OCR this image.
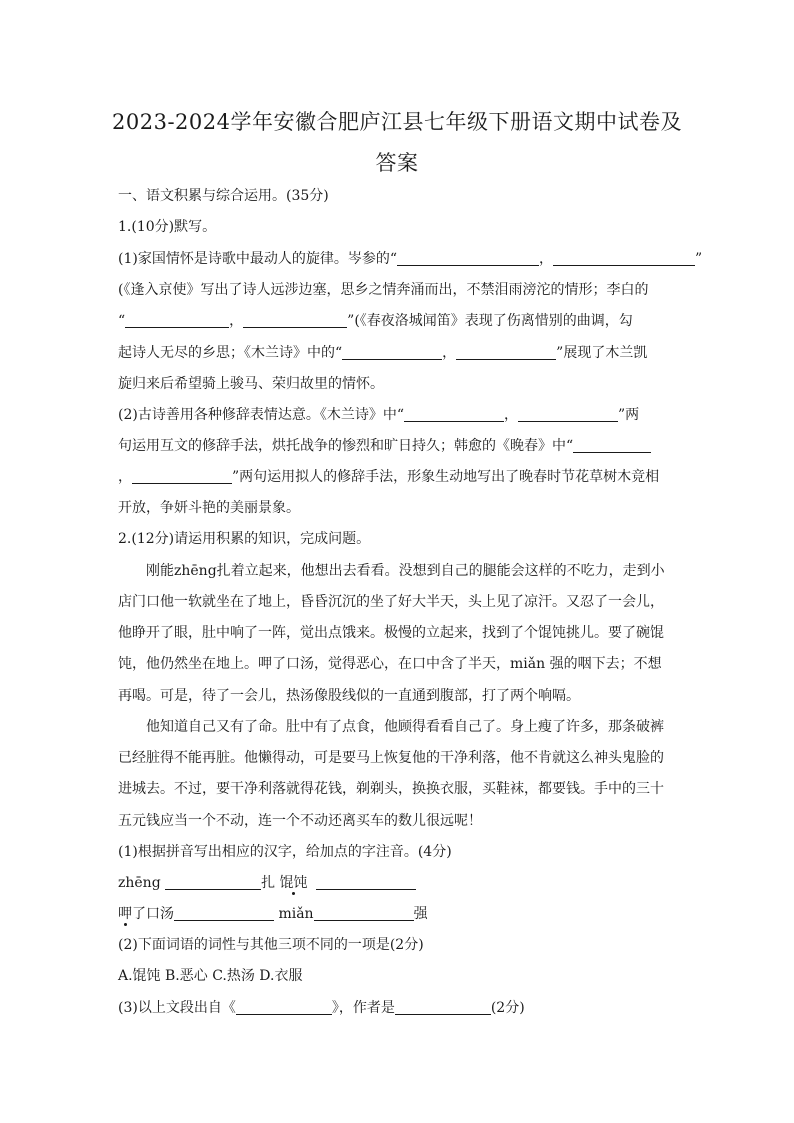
2023-2024学年安徽合肥庐江县七年级下册语文期中试卷及
答案
一、语文积累与综合运用。(35分)
1.(10分)默写。
(1)家国情怀是诗歌中最动人的旋律。岑参的“	，	”
(《逢入京使》写出了诗人远涉边塞，思乡之情奔涌而出，不禁泪雨滂沱的情形；李白的
“	，	”(《春夜洛城闻笛》表现了伤离惜别的曲调，勾
起诗人无尽的乡思；《木兰诗》中的“	，	”展现了木兰凯
旋归来后希望骑上骏马、荣归故里的情怀。
(2)古诗善用各种修辞表情达意。《木兰诗》中“	，	”两
句运用互文的修辞手法，烘托战争的惨烈和旷日持久；韩愈的《晚春》中“
，	”两句运用拟人的修辞手法，形象生动地写出了晚春时节花草树木竞相
开放，争妍斗艳的美丽景象。
2.(12分)请运用积累的知识，完成问题。
刚能zhēng扎着立起来，他想出去看看。没想到自己的腿能会这样的不吃力，走到小
店门口他一软就坐在了地上，昏昏沉沉的坐了好大半天，头上见了凉汗。又忍了一会儿，
他睁开了眼，肚中响了一阵，觉出点饿来。极慢的立起来，找到了个馄饨挑儿。要了碗馄
饨，他仍然坐在地上。呷了口汤，觉得恶心，在口中含了半天，miǎn 强的咽下去；不想
再喝。可是，待了一会儿，热汤像股线似的一直通到腹部，打了两个响嗝。
他知道自己又有了命。肚中有了点食，他顾得看看自己了。身上瘦了许多，那条破裤
已经脏得不能再脏。他懒得动，可是要马上恢复他的干净利落，他不肯就这么神头鬼脸的
进城去。不过，要干净利落就得花钱，剃剃头，换换衣服，买鞋袜，都要钱。手中的三十
五元钱应当一个不动，连一个不动还离买车的数儿很远呢！
(1)根据拼音写出相应的汉字，给加点的字注音。(4分)
zhēng	扎 馄饨
呷了口汤	miǎn	强
(2)下面词语的词性与其他三项不同的一项是(2分)
A.馄饨 B.恶心 C.热汤 D.衣服
(3)以上文段出自《	》，作者是	(2分)
